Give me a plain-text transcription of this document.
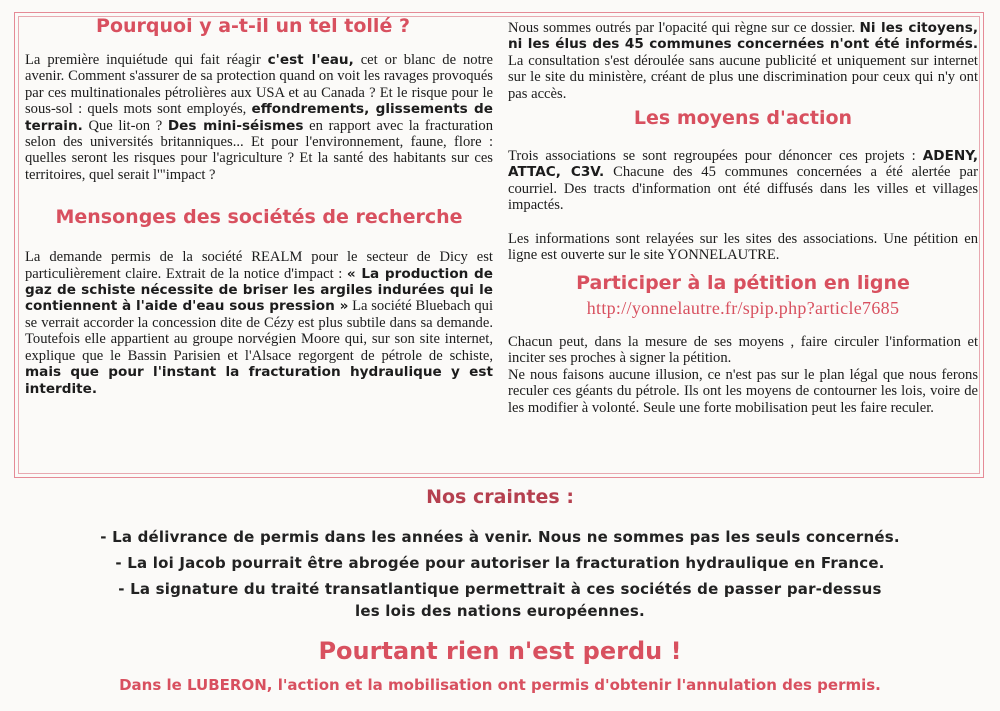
Pourquoi y a-t-il un tel tollé ?

La première inquiétude qui fait réagir c'est l'eau, cet or blanc de notre avenir. Comment s'assurer de sa protection quand on voit les ravages provoqués par ces multinationales pétrolières aux USA et au Canada ? Et le risque pour le sous-sol : quels mots sont employés, effondrements, glissements de terrain. Que lit-on ? Des mini-séismes en rapport avec la fracturation selon des universités britanniques... Et pour l'environnement, faune, flore : quelles seront les risques pour l'agriculture ? Et la santé des habitants sur ces territoires, quel serait l'"impact ?

Mensonges des sociétés de recherche

La demande permis de la société REALM pour le secteur de Dicy est particulièrement claire. Extrait de la notice d'impact : « La production de gaz de schiste nécessite de briser les argiles indurées qui le contiennent à l'aide d'eau sous pression » La société Bluebach qui se verrait accorder la concession dite de Cézy est plus subtile dans sa demande. Toutefois elle appartient au groupe norvégien Moore qui, sur son site internet, explique que le Bassin Parisien et l'Alsace regorgent de pétrole de schiste, mais que pour l'instant la fracturation hydraulique y est interdite.

Nous sommes outrés par l'opacité qui règne sur ce dossier. Ni les citoyens, ni les élus des 45 communes concernées n'ont été informés. La consultation s'est déroulée sans aucune publicité et uniquement sur internet sur le site du ministère, créant de plus une discrimination pour ceux qui n'y ont pas accès.

Les moyens d'action

Trois associations se sont regroupées pour dénoncer ces projets : ADENY, ATTAC, C3V. Chacune des 45 communes concernées a été alertée par courriel. Des tracts d'information ont été diffusés dans les villes et villages impactés.

Les informations sont relayées sur les sites des associations. Une pétition en ligne est ouverte sur le site YONNELAUTRE.

Participer à la pétition en ligne
http://yonnelautre.fr/spip.php?article7685

Chacun peut, dans la mesure de ses moyens , faire circuler l'information et inciter ses proches à signer la pétition.

Ne nous faisons aucune illusion, ce n'est pas sur le plan légal que nous ferons reculer ces géants du pétrole. Ils ont les moyens de contourner les lois, voire de les modifier à volonté. Seule une forte mobilisation peut les faire reculer.

Nos craintes :
- La délivrance de permis dans les années à venir. Nous ne sommes pas les seuls concernés.
- La loi Jacob pourrait être abrogée pour autoriser la fracturation hydraulique en France.
- La signature du traité transatlantique permettrait à ces sociétés de passer par-dessus
les lois des nations européennes.
Pourtant rien n'est perdu !
Dans le LUBERON, l'action et la mobilisation ont permis d'obtenir l'annulation des permis.
